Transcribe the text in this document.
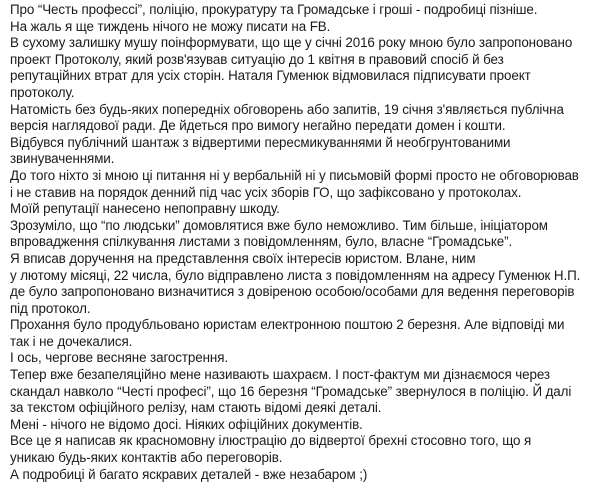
Про “Честь профессі”, поліцію, прокуратуру та Громадське і гроші - подробиці пізніше.
На жаль я ще тиждень нічого не можу писати на FB.
В сухому залишку мушу поінформувати, що ще у січні 2016 року мною було запропоновано
проект Протоколу, який розв'язував ситуацію до 1 квітня в правовий спосіб й без
репутаційних втрат для усіх сторін. Наталя Гуменюк відмовилася підписувати проект
протоколу.
Натомість без будь-яких попередніх обговорень або запитів, 19 січня з'являється публічна
версія наглядової ради. Де йдеться про вимогу негайно передати домен і кошти.
Відбувся публічний шантаж з відвертими пересмикуваннями й необгрунтованими
звинуваченнями.
До того ніхто зі мною ці питання ні у вербальній ні у письмовій формі просто не обговорював
і не ставив на порядок денний під час усіх зборів ГО, що зафіксовано у протоколах.
Моїй репутації нанесено непоправну шкоду.
Зрозуміло, що “по людськи” домовлятися вже було неможливо. Тим більше, ініціатором
впровадження спілкування листами з повідомленням, було, власне “Громадське”.
Я вписав доручення на представлення своїх інтересів юристом. Влане, ним
у лютому місяці, 22 числа, було відправлено листа з повідомленням на адресу Гуменюк Н.П.
де було запропоновано визначитися з довіреною особою/особами для ведення переговорів
під протокол.
Прохання було продубльовано юристам електронною поштою 2 березня. Але відповіді ми
так і не дочекалися.
І ось, чергове весняне загострення.
Тепер вже безапеляційно мене називають шахраєм. І пост-фактум ми дізнаємося через
скандал навколо “Честі професі”, що 16 березня “Громадське” звернулося в поліцію. Й далі
за текстом офіційного релізу, нам стають відомі деякі деталі.
Мені - нічого не відомо досі. Ніяких офіційних документів.
Все це я написав як красномовну ілюстрацію до відвертої брехні стосовно того, що я
уникаю будь-яких контактів або переговорів.
А подробиці й багато яскравих деталей - вже незабаром ;)
